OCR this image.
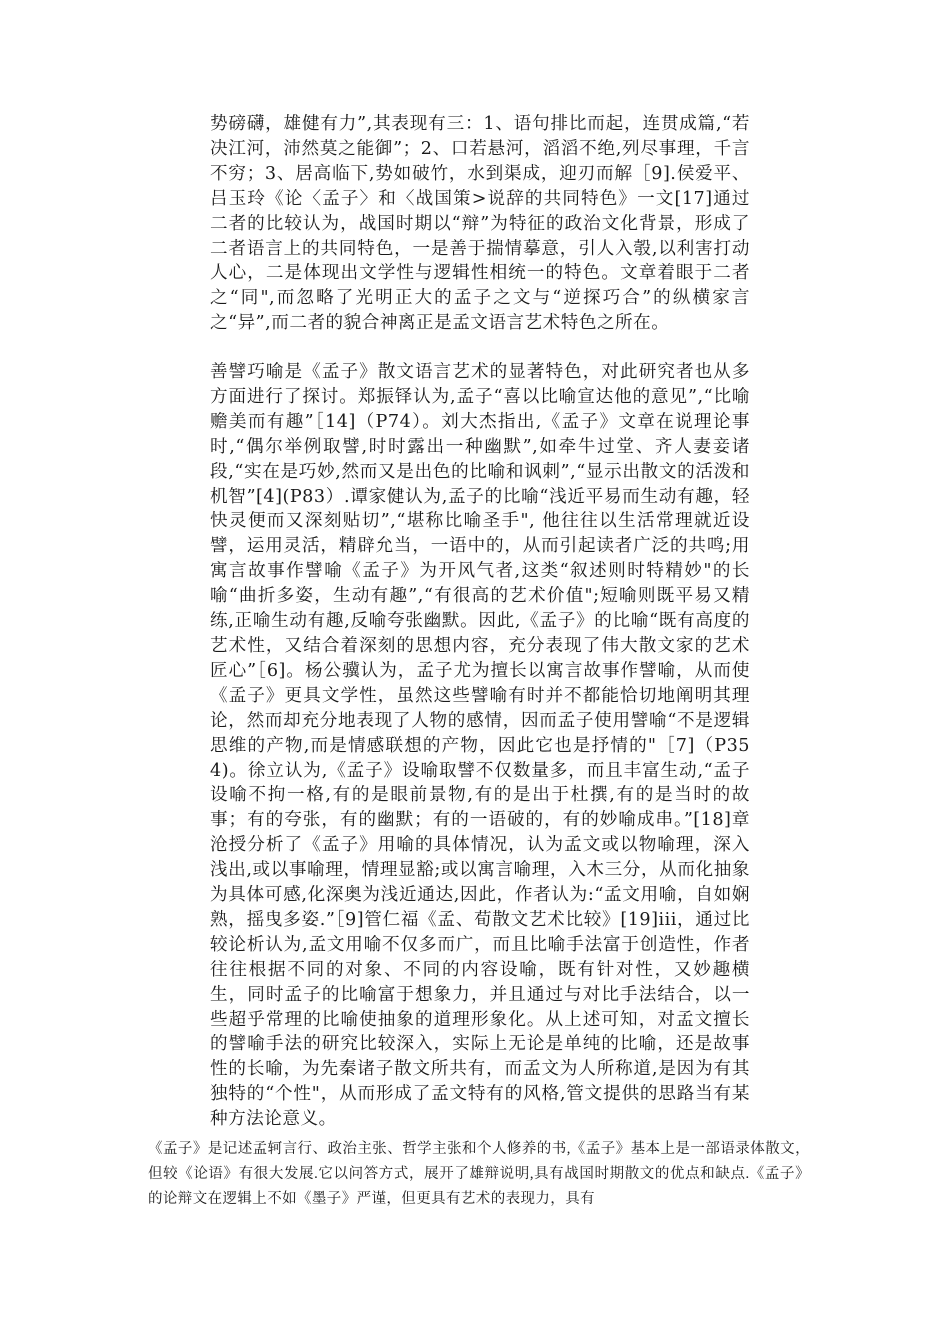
势磅礴，雄健有力”,其表现有三：1、语句排比而起，连贯成篇,“若决江河，沛然莫之能御”；2、口若悬河，滔滔不绝,列尽事理，千言不穷；3、居高临下,势如破竹，水到渠成，迎刃而解［9].侯爱平、吕玉玲《论〈孟子〉和〈战国策>说辞的共同特色》一文[17]通过二者的比较认为，战国时期以“辩”为特征的政治文化背景，形成了二者语言上的共同特色，一是善于揣情摹意，引人入彀,以利害打动人心，二是体现出文学性与逻辑性相统一的特色。文章着眼于二者之“同",而忽略了光明正大的孟子之文与“逆探巧合”的纵横家言之“异”,而二者的貌合神离正是孟文语言艺术特色之所在。

善譬巧喻是《孟子》散文语言艺术的显著特色，对此研究者也从多方面进行了探讨。郑振铎认为,孟子“喜以比喻宣达他的意见”,“比喻赡美而有趣”［14]（P74）。刘大杰指出,《孟子》文章在说理论事时,“偶尔举例取譬,时时露出一种幽默”,如牵牛过堂、齐人妻妾诸段,“实在是巧妙,然而又是出色的比喻和讽刺”,“显示出散文的活泼和机智”[4](P83）.谭家健认为,孟子的比喻“浅近平易而生动有趣，轻快灵便而又深刻贴切”,“堪称比喻圣手", 他往往以生活常理就近设譬，运用灵活，精辟允当，一语中的，从而引起读者广泛的共鸣;用寓言故事作譬喻《孟子》为开风气者,这类“叙述则时特精妙"的长喻“曲折多姿，生动有趣”,“有很高的艺术价值";短喻则既平易又精练,正喻生动有趣,反喻夸张幽默。因此,《孟子》的比喻“既有高度的艺术性，又结合着深刻的思想内容，充分表现了伟大散文家的艺术匠心”［6]。杨公骥认为，孟子尤为擅长以寓言故事作譬喻，从而使《孟子》更具文学性，虽然这些譬喻有时并不都能恰切地阐明其理论，然而却充分地表现了人物的感情，因而孟子使用譬喻“不是逻辑思维的产物,而是情感联想的产物，因此它也是抒情的"［7]（P354)。徐立认为,《孟子》设喻取譬不仅数量多，而且丰富生动,“孟子设喻不拘一格,有的是眼前景物,有的是出于杜撰,有的是当时的故事；有的夸张，有的幽默；有的一语破的，有的妙喻成串。”[18]章沧授分析了《孟子》用喻的具体情况，认为孟文或以物喻理，深入浅出,或以事喻理，情理显豁;或以寓言喻理，入木三分，从而化抽象为具体可感,化深奥为浅近通达,因此，作者认为:“孟文用喻，自如娴熟，摇曳多姿.”［9]管仁福《孟、荀散文艺术比较》[19]iii，通过比较论析认为,孟文用喻不仅多而广，而且比喻手法富于创造性，作者往往根据不同的对象、不同的内容设喻，既有针对性，又妙趣横生，同时孟子的比喻富于想象力，并且通过与对比手法结合，以一些超乎常理的比喻使抽象的道理形象化。从上述可知，对孟文擅长的譬喻手法的研究比较深入，实际上无论是单纯的比喻，还是故事性的长喻，为先秦诸子散文所共有，而孟文为人所称道,是因为有其独特的“个性"，从而形成了孟文特有的风格,管文提供的思路当有某种方法论意义。

《孟子》是记述孟轲言行、政治主张、哲学主张和个人修养的书,《孟子》基本上是一部语录体散文，但较《论语》有很大发展.它以问答方式，展开了雄辩说明,具有战国时期散文的优点和缺点.《孟子》的论辩文在逻辑上不如《墨子》严谨，但更具有艺术的表现力，具有
